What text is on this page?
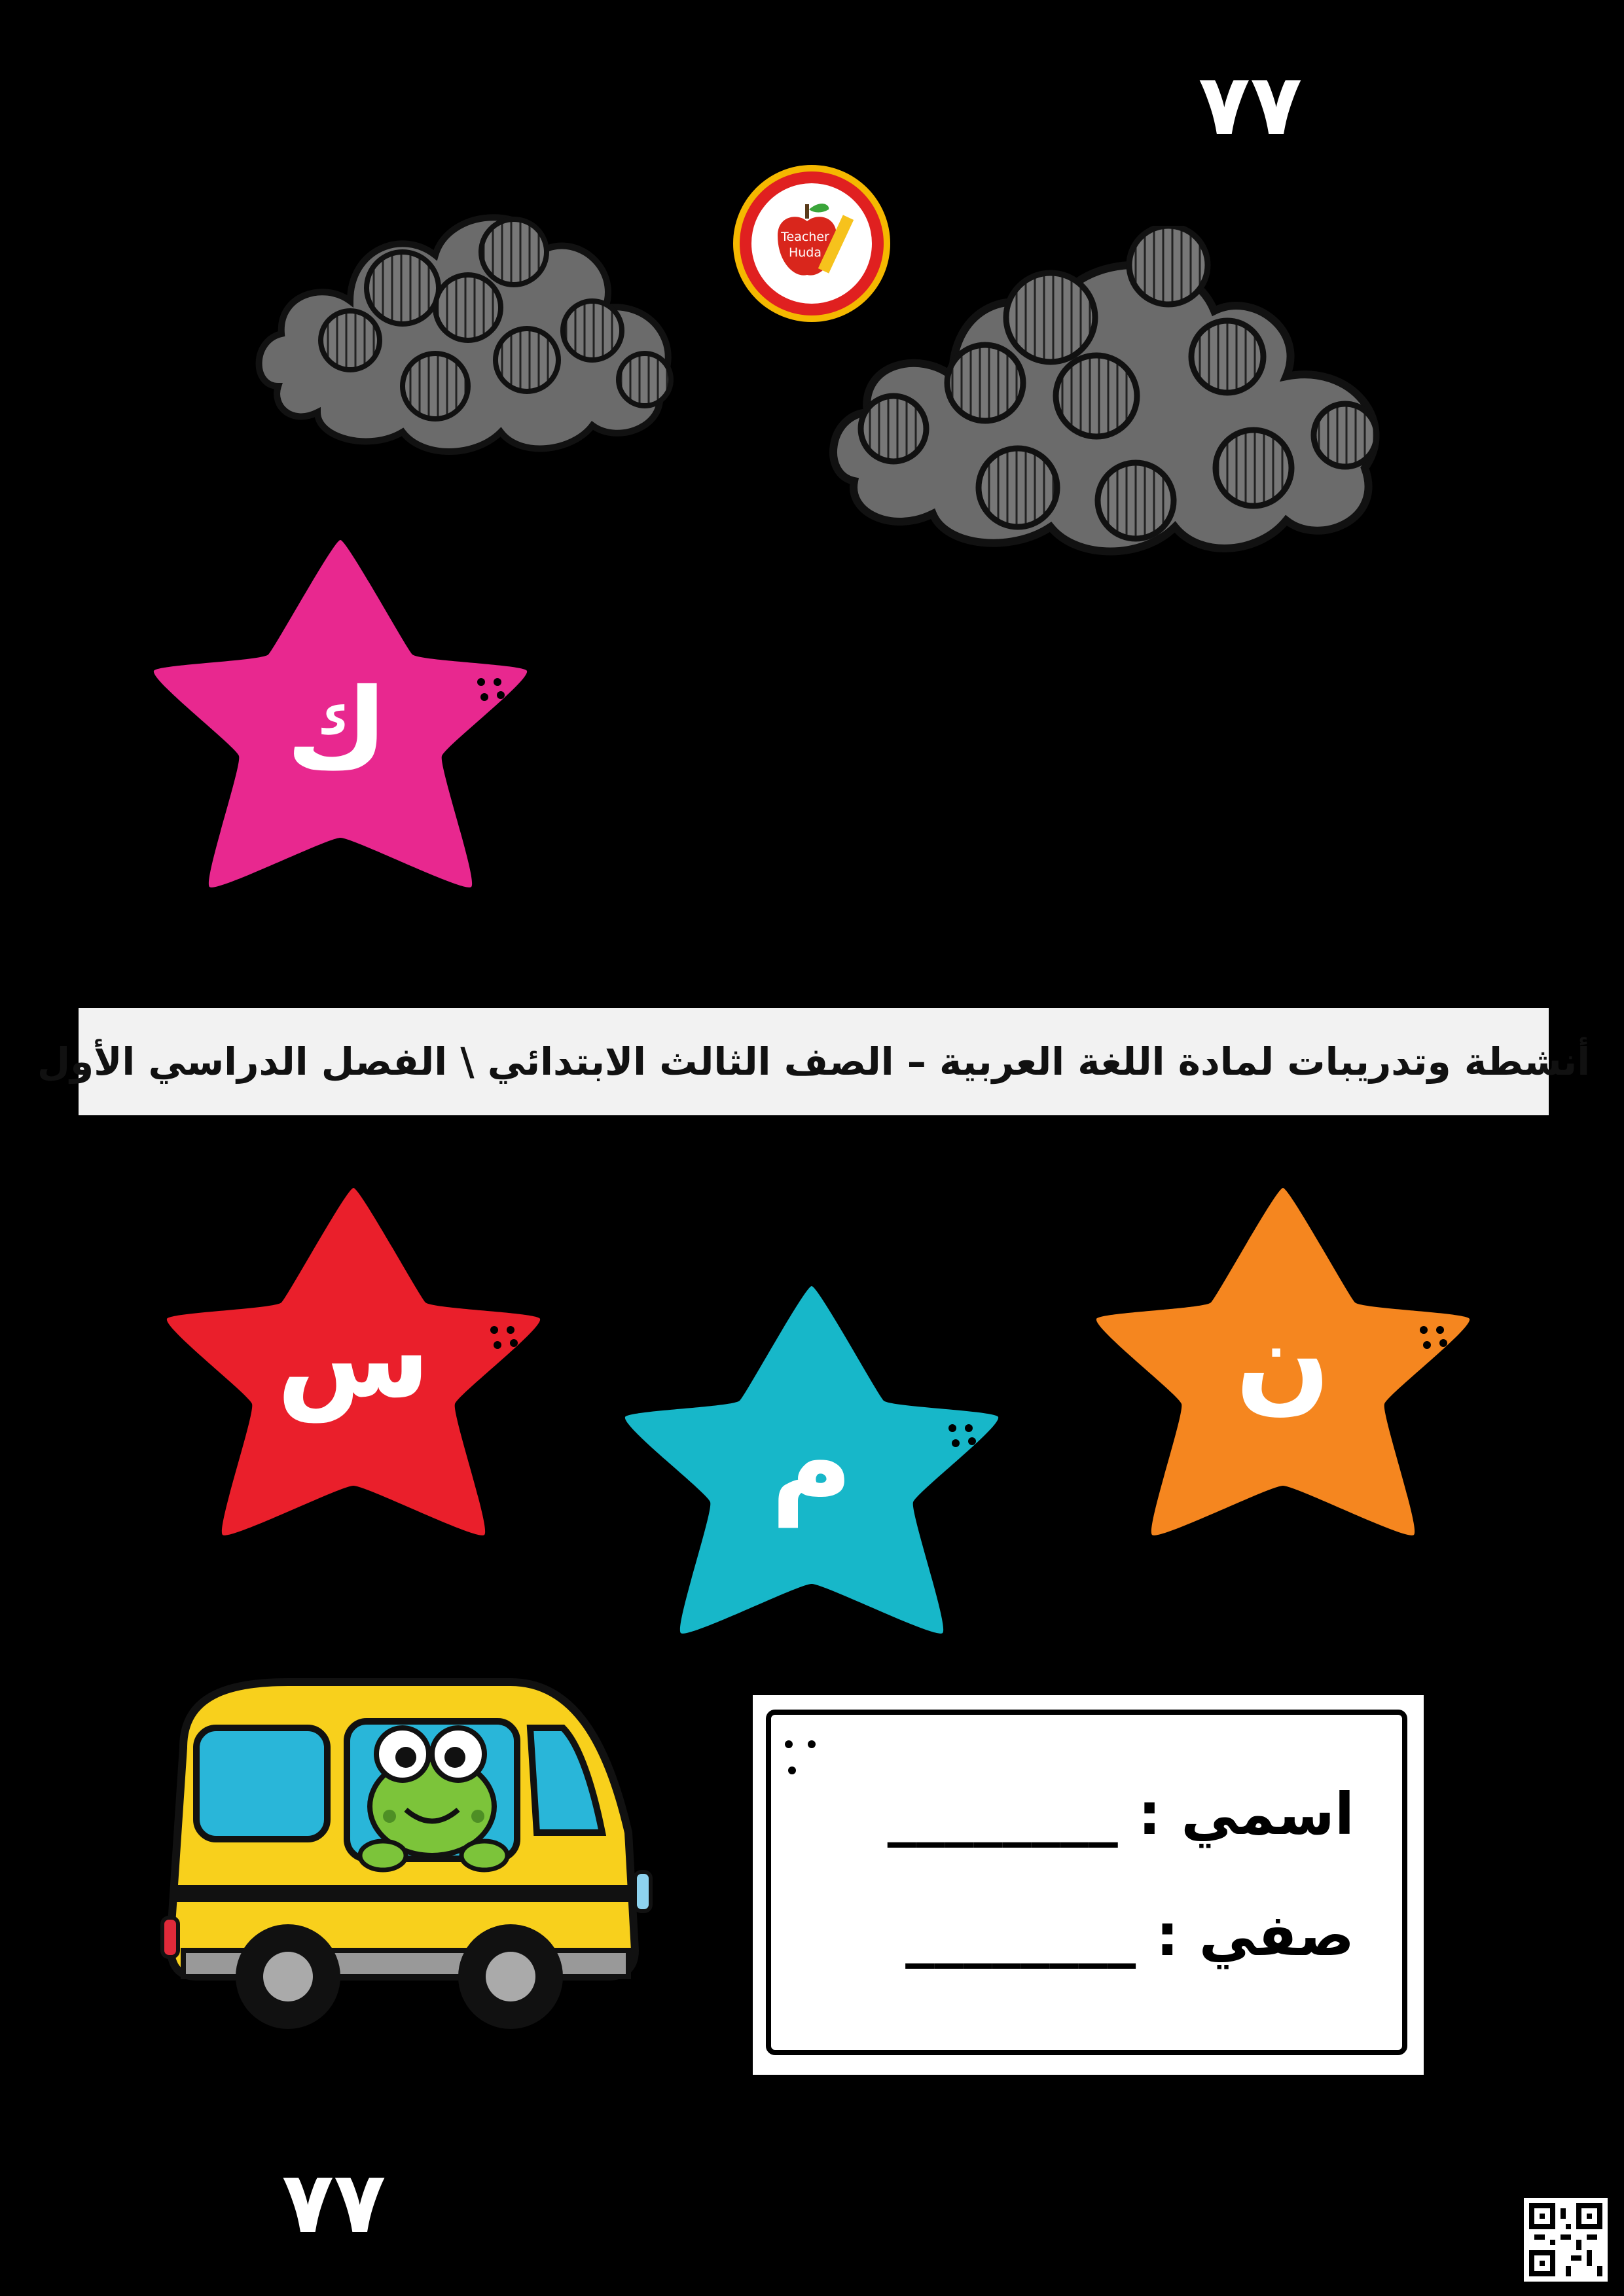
٧٧
٧٧
Teacher
Huda
ك
س
م
ن
أنشطة وتدريبات لمادة اللغة العربية – الصف الثالث الابتدائي \ الفصل الدراسي الأول
اسمي : ________
صفي : ________
